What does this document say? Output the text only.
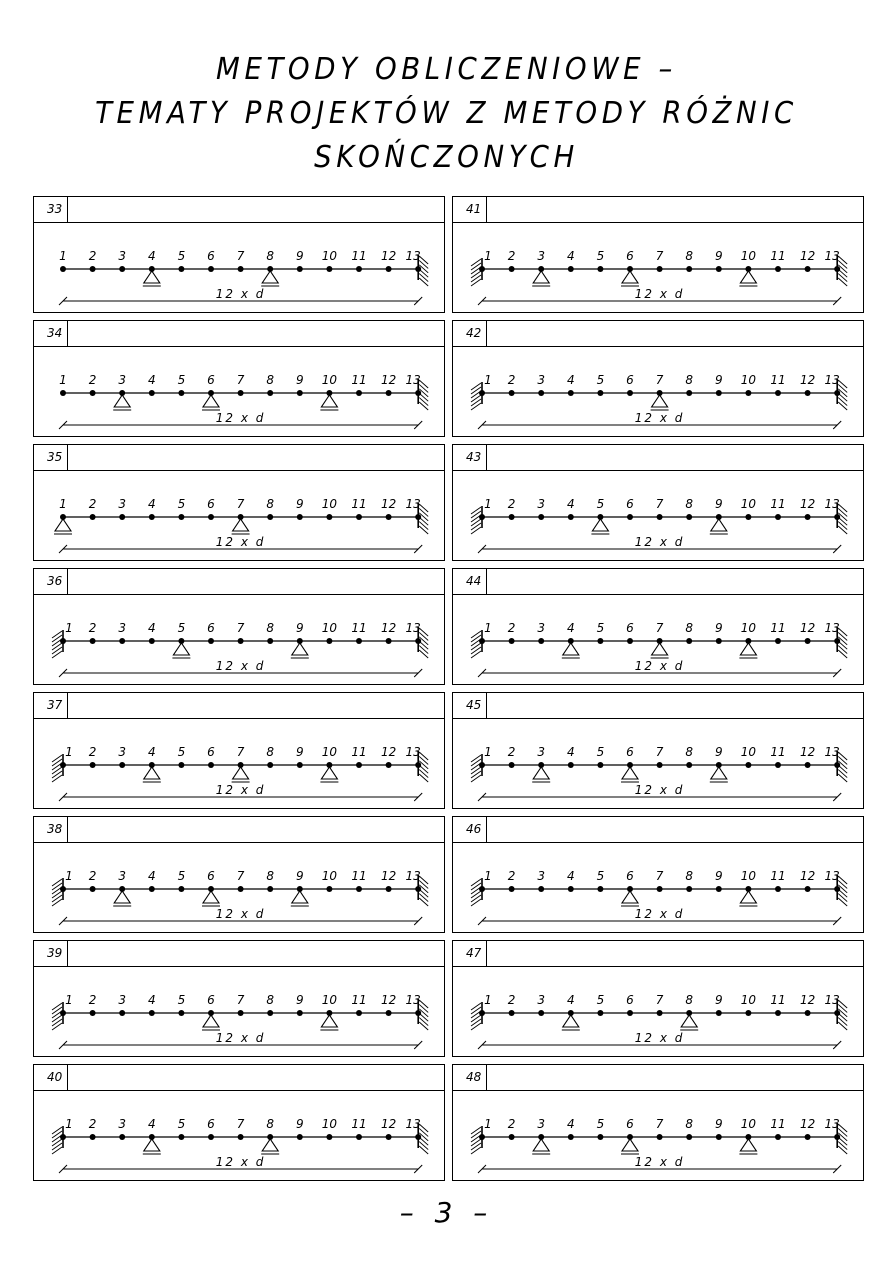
METODY OBLICZENIOWE –
TEMATY PROJEKTÓW Z METODY RÓŻNIC
SKOŃCZONYCH
33
1 2 3 4 5 6 7 8 9 10 11 12 13
12 x d
34
1 2 3 4 5 6 7 8 9 10 11 12 13
12 x d
35
1 2 3 4 5 6 7 8 9 10 11 12 13
12 x d
36
1 2 3 4 5 6 7 8 9 10 11 12 13
12 x d
37
1 2 3 4 5 6 7 8 9 10 11 12 13
12 x d
38
1 2 3 4 5 6 7 8 9 10 11 12 13
12 x d
39
1 2 3 4 5 6 7 8 9 10 11 12 13
12 x d
40
1 2 3 4 5 6 7 8 9 10 11 12 13
12 x d
41
1 2 3 4 5 6 7 8 9 10 11 12 13
12 x d
42
1 2 3 4 5 6 7 8 9 10 11 12 13
12 x d
43
1 2 3 4 5 6 7 8 9 10 11 12 13
12 x d
44
1 2 3 4 5 6 7 8 9 10 11 12 13
12 x d
45
1 2 3 4 5 6 7 8 9 10 11 12 13
12 x d
46
1 2 3 4 5 6 7 8 9 10 11 12 13
12 x d
47
1 2 3 4 5 6 7 8 9 10 11 12 13
12 x d
48
1 2 3 4 5 6 7 8 9 10 11 12 13
12 x d
– 3 –
